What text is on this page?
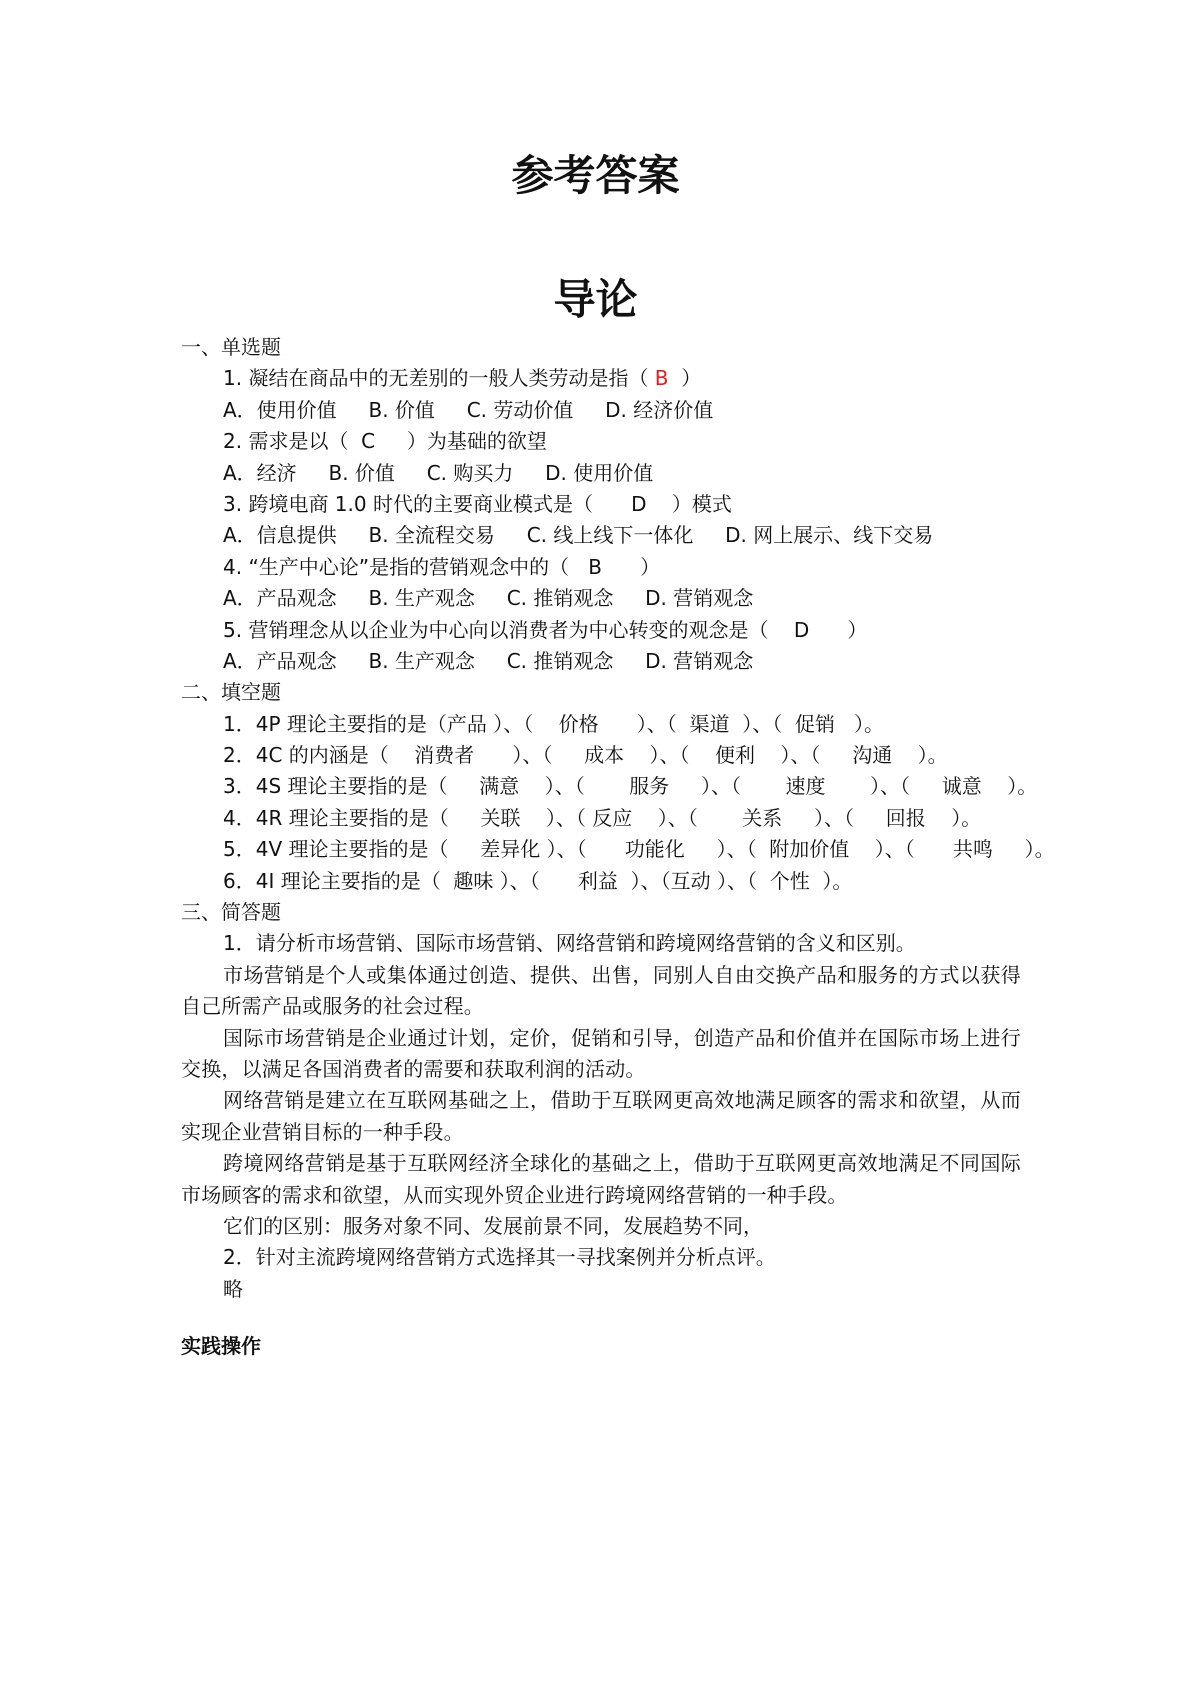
参考答案
导论
一、单选题
1. 凝结在商品中的无差别的一般人类劳动是指（ B  ）
A．使用价值     B. 价值     C. 劳动价值     D. 经济价值
2. 需求是以（  C     ）为基础的欲望
A．经济     B. 价值     C. 购买力     D. 使用价值
3. 跨境电商 1.0 时代的主要商业模式是（      D    ）模式
A．信息提供     B. 全流程交易     C. 线上线下一体化     D. 网上展示、线下交易
4. “生产中心论”是指的营销观念中的（   B      ）
A．产品观念     B. 生产观念     C. 推销观念     D. 营销观念
5. 营销理念从以企业为中心向以消费者为中心转变的观念是（    D      ）
A．产品观念     B. 生产观念     C. 推销观念     D. 营销观念
二、填空题
1．4P 理论主要指的是（产品 ）、（    价格      ）、（  渠道  ）、（  促销   ）。
2．4C 的内涵是（    消费者      ）、（     成本    ）、（    便利    ）、（     沟通    ）。
3．4S 理论主要指的是（     满意    ）、（       服务     ）、（       速度       ）、（     诚意    ）。
4．4R 理论主要指的是（     关联    ）、（ 反应    ）、（       关系     ）、（     回报    ）。
5．4V 理论主要指的是（     差异化 ）、（      功能化     ）、（  附加价值    ）、（      共鸣     ）。
6．4I 理论主要指的是（  趣味 ）、（      利益  ）、（互动 ）、（  个性  ）。
三、简答题
1．请分析市场营销、国际市场营销、网络营销和跨境网络营销的含义和区别。

市场营销是个人或集体通过创造、提供、出售，同别人自由交换产品和服务的方式以获得自己所需产品或服务的社会过程。

国际市场营销是企业通过计划，定价，促销和引导，创造产品和价值并在国际市场上进行交换，以满足各国消费者的需要和获取利润的活动。

网络营销是建立在互联网基础之上，借助于互联网更高效地满足顾客的需求和欲望，从而实现企业营销目标的一种手段。

跨境网络营销是基于互联网经济全球化的基础之上，借助于互联网更高效地满足不同国际市场顾客的需求和欲望，从而实现外贸企业进行跨境网络营销的一种手段。

它们的区别：服务对象不同、发展前景不同，发展趋势不同，
2．针对主流跨境网络营销方式选择其一寻找案例并分析点评。
略
实践操作
